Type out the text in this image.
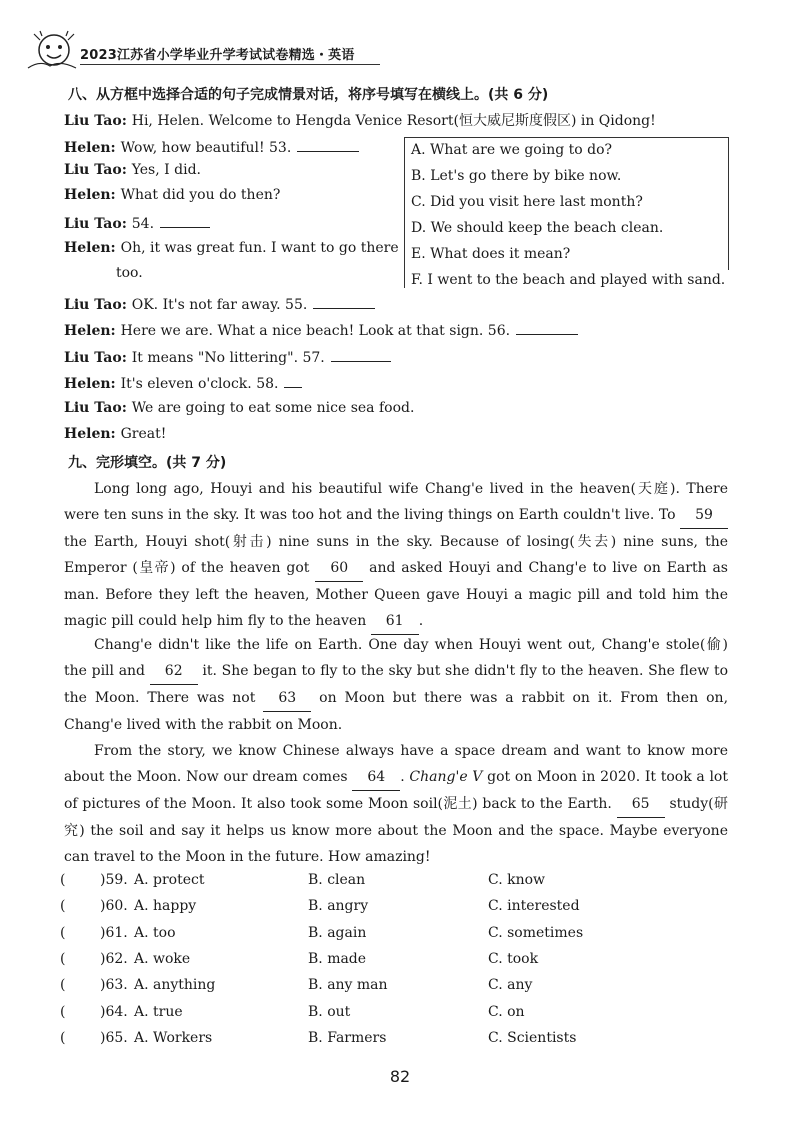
2023江苏省小学毕业升学考试试卷精选・英语
八、从方框中选择合适的句子完成情景对话，将序号填写在横线上。(共 6 分)
Liu Tao: Hi, Helen. Welcome to Hengda Venice Resort(恒大威尼斯度假区) in Qidong!
Helen: Wow, how beautiful! 53.
Liu Tao: Yes, I did.
Helen: What did you do then?
Liu Tao: 54.
Helen: Oh, it was great fun. I want to go there
too.
Liu Tao: OK. It's not far away. 55.
Helen: Here we are. What a nice beach! Look at that sign. 56.
Liu Tao: It means "No littering". 57.
Helen: It's eleven o'clock. 58.
Liu Tao: We are going to eat some nice sea food.
Helen: Great!
A. What are we going to do?
B. Let's go there by bike now.
C. Did you visit here last month?
D. We should keep the beach clean.
E. What does it mean?
F. I went to the beach and played with sand.
九、完形填空。(共 7 分)
Long long ago, Houyi and his beautiful wife Chang'e lived in the heaven(天庭). There were ten suns in the sky. It was too hot and the living things on Earth couldn't live. To 59 the Earth, Houyi shot(射击) nine suns in the sky. Because of losing(失去) nine suns, the Emperor (皇帝) of the heaven got 60 and asked Houyi and Chang'e to live on Earth as man. Before they left the heaven, Mother Queen gave Houyi a magic pill and told him the magic pill could help him fly to the heaven 61 .
Chang'e didn't like the life on Earth. One day when Houyi went out, Chang'e stole(偷) the pill and 62 it. She began to fly to the sky but she didn't fly to the heaven. She flew to the Moon. There was not 63 on Moon but there was a rabbit on it. From then on, Chang'e lived with the rabbit on Moon.
From the story, we know Chinese always have a space dream and want to know more about the Moon. Now our dream comes 64 . Chang'e V got on Moon in 2020. It took a lot of pictures of the Moon. It also took some Moon soil(泥土) back to the Earth. 65 study(研究) the soil and say it helps us know more about the Moon and the space. Maybe everyone can travel to the Moon in the future. How amazing!
( )59. A. protect	B. clean	C. know
( )60. A. happy	B. angry	C. interested
( )61. A. too	B. again	C. sometimes
( )62. A. woke	B. made	C. took
( )63. A. anything	B. any man	C. any
( )64. A. true	B. out	C. on
( )65. A. Workers	B. Farmers	C. Scientists
82
